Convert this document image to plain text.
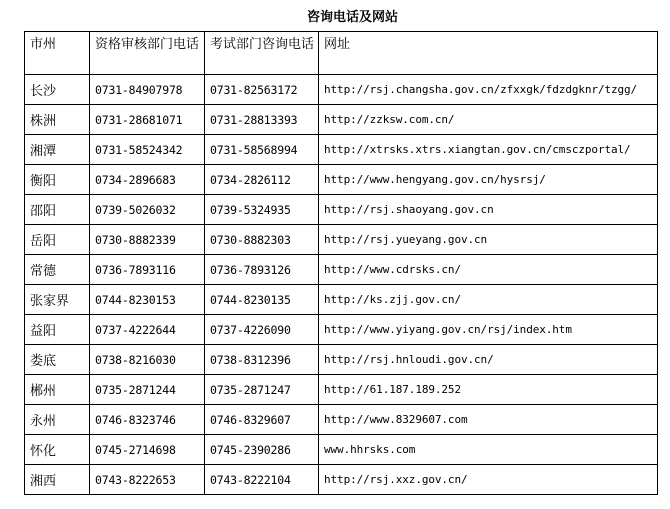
咨询电话及网站
市州	资格审核部门电话	考试部门咨询电话	网址
长沙	0731-84907978	0731-82563172	http://rsj.changsha.gov.cn/zfxxgk/fdzdgknr/tzgg/
株洲	0731-28681071	0731-28813393	http://zzksw.com.cn/
湘潭	0731-58524342	0731-58568994	http://xtrsks.xtrs.xiangtan.gov.cn/cmsczportal/
衡阳	0734-2896683	0734-2826112	http://www.hengyang.gov.cn/hysrsj/
邵阳	0739-5026032	0739-5324935	http://rsj.shaoyang.gov.cn
岳阳	0730-8882339	0730-8882303	http://rsj.yueyang.gov.cn
常德	0736-7893116	0736-7893126	http://www.cdrsks.cn/
张家界	0744-8230153	0744-8230135	http://ks.zjj.gov.cn/
益阳	0737-4222644	0737-4226090	http://www.yiyang.gov.cn/rsj/index.htm
娄底	0738-8216030	0738-8312396	http://rsj.hnloudi.gov.cn/
郴州	0735-2871244	0735-2871247	http://61.187.189.252
永州	0746-8323746	0746-8329607	http://www.8329607.com
怀化	0745-2714698	0745-2390286	www.hhrsks.com
湘西	0743-8222653	0743-8222104	http://rsj.xxz.gov.cn/
